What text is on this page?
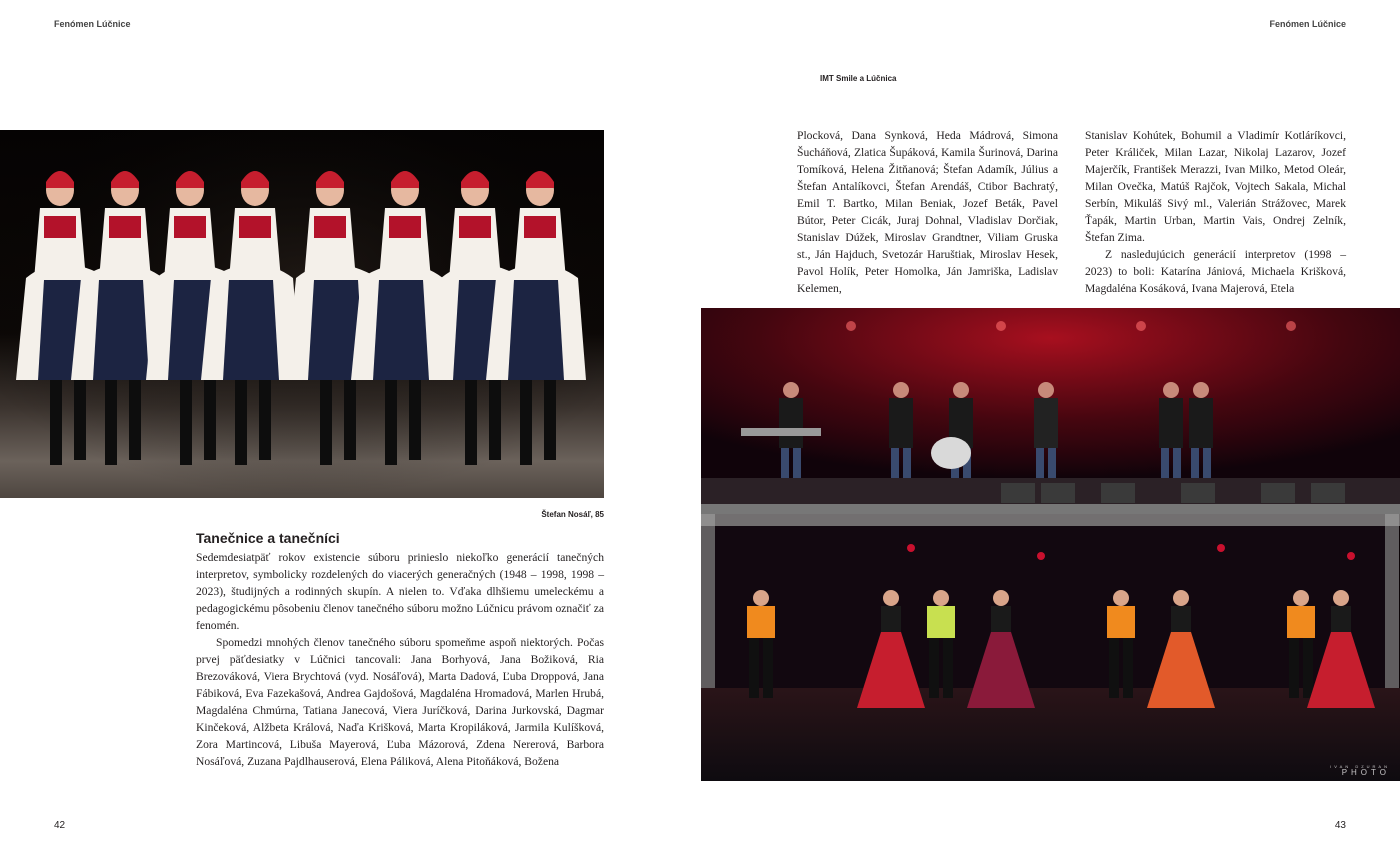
Fenómen Lúčnice	Fenómen Lúčnice
IMT Smile a Lúčnica
Štefan Nosáľ, 85
Tanečnice a tanečníci

Sedemdesiatpäť rokov existencie súboru prinieslo niekoľko generácií tanečných interpretov, symbolicky rozdelených do viacerých generačných (1948 – 1998, 1998 – 2023), študijných a rodinných skupín. A nielen to. Vďaka dlhšiemu umeleckému a pedagogickému pôsobeniu členov tanečného súboru možno Lúčnicu právom označiť za fenomén.

Spomedzi mnohých členov tanečného súboru spomeňme aspoň niektorých. Počas prvej päťdesiatky v Lúčnici tancovali: Jana Borhyová, Jana Božiková, Ria Brezováková, Viera Brychtová (vyd. Nosáľová), Marta Dadová, Ľuba Droppová, Jana Fábiková, Eva Fazekašová, Andrea Gajdošová, Magdaléna Hromadová, Marlen Hrubá, Magdaléna Chmúrna, Tatiana Janecová, Viera Juríčková, Darina Jurkovská, Dagmar Kinčeková, Alžbeta Králová, Naďa Krišková, Marta Kropiláková, Jarmila Kulíšková, Zora Martincová, Libuša Mayerová, Ľuba Mázorová, Zdena Nererová, Barbora Nosáľová, Zuzana Pajdlhauserová, Elena Páliková, Alena Pitoňáková, Božena

Plocková, Dana Synková, Heda Mádrová, Simona Šucháňová, Zlatica Šupáková, Kamila Šurinová, Darina Tomíková, Helena Žitňanová; Štefan Adamík, Július a Štefan Antalíkovci, Štefan Arendáš, Ctibor Bachratý, Emil T. Bartko, Milan Beniak, Jozef Beták, Pavel Bútor, Peter Cicák, Juraj Dohnal, Vladislav Dorčiak, Stanislav Dúžek, Miroslav Grandtner, Viliam Gruska st., Ján Hajduch, Svetozár Haruštiak, Miroslav Hesek, Pavol Holík, Peter Homolka, Ján Jamriška, Ladislav Kelemen,

Stanislav Kohútek, Bohumil a Vladimír Kotláríkovci, Peter Králiček, Milan Lazar, Nikolaj Lazarov, Jozef Majerčík, František Merazzi, Ivan Milko, Metod Oleár, Milan Ovečka, Matúš Rajčok, Vojtech Sakala, Michal Serbín, Mikuláš Sivý ml., Valerián Strážovec, Marek Ťapák, Martin Urban, Martin Vais, Ondrej Zelník, Štefan Zima.

Z nasledujúcich generácií interpretov (1998 – 2023) to boli: Katarína Jániová, Michaela Krišková, Magdaléna Kosáková, Ivana Majerová, Etela

IVAN DZURAN
PHOTO
42	43
